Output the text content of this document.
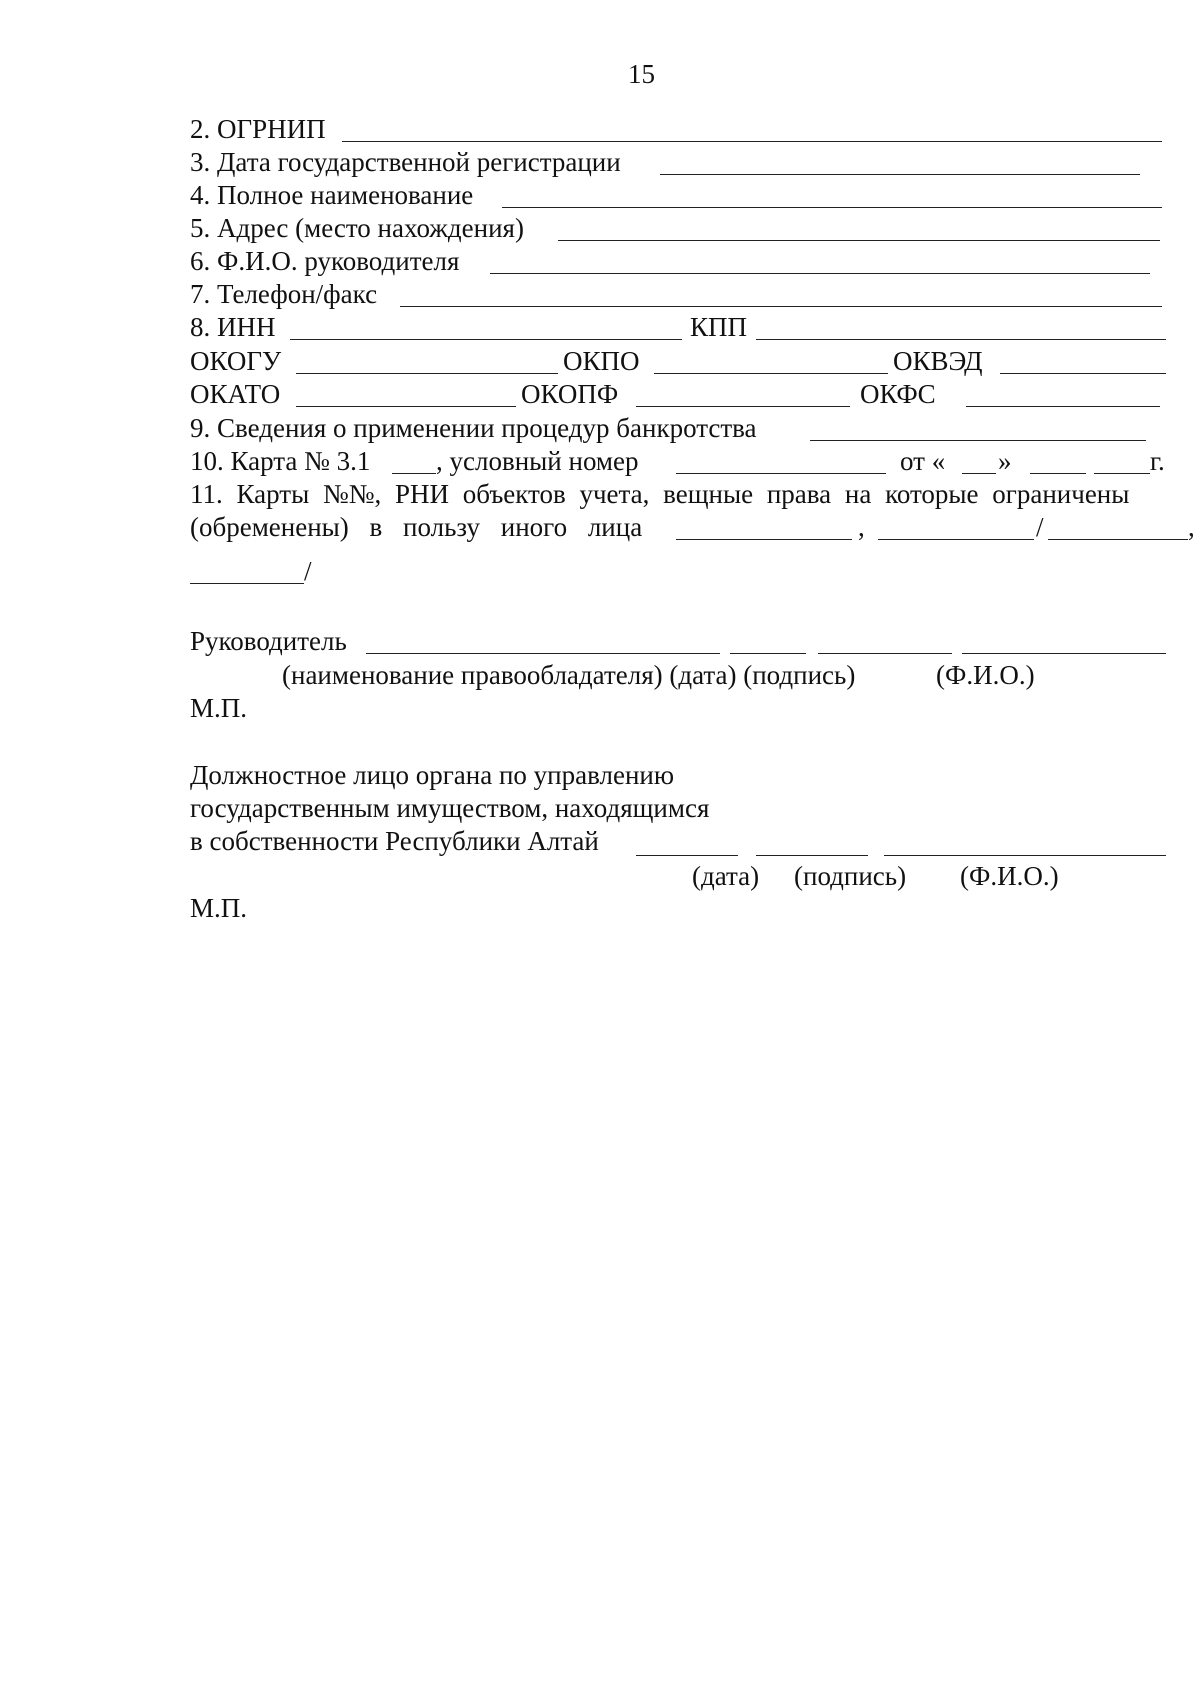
15
2. ОГРНИП
3. Дата государственной регистрации
4. Полное наименование
5. Адрес (место нахождения)
6. Ф.И.О. руководителя
7. Телефон/факс
8. ИНН	КПП
ОКОГУ	ОКПО	ОКВЭД
ОКАТО	ОКОПФ	ОКФС
9. Сведения о применении процедур банкротства
10. Карта № 3.1 , условный номер	от « »	г.
11. Карты №№, РНИ объектов учета, вещные права на которые ограничены
(обременены) в пользу иного лица	,	/	,
/
Руководитель
(наименование правообладателя) (дата) (подпись)	(Ф.И.О.)
М.П.
Должностное лицо органа по управлению
государственным имуществом, находящимся
в собственности Республики Алтай
(дата) (подпись) (Ф.И.О.)
М.П.
